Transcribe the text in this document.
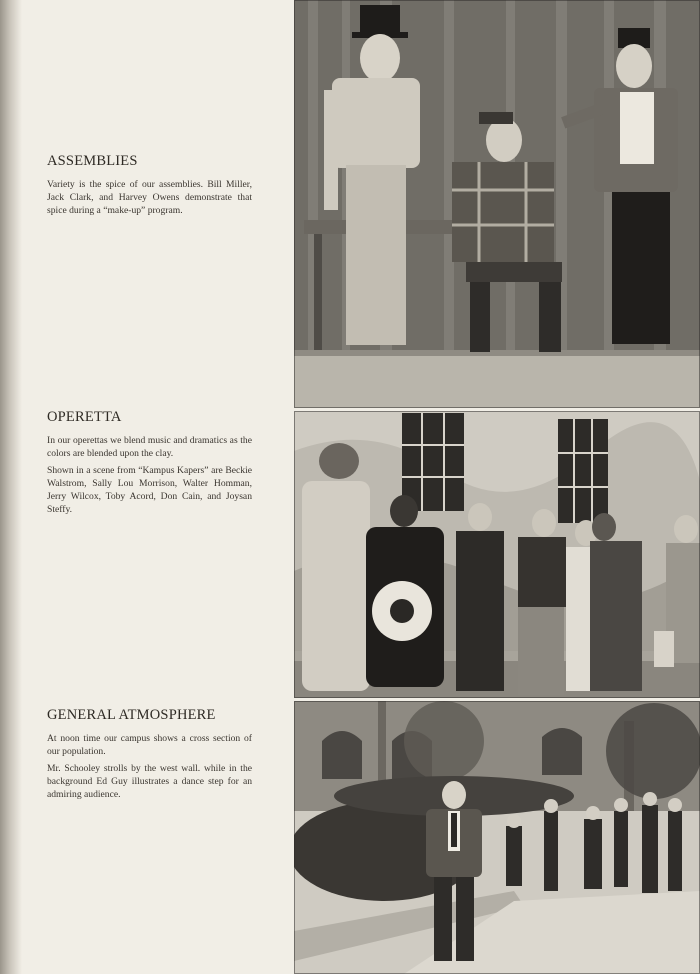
ASSEMBLIES

Variety is the spice of our assemblies. Bill Miller, Jack Clark, and Harvey Owens demonstrate that spice during a “make-up” program.

OPERETTA

In our operettas we blend music and dramatics as the colors are blended upon the clay.

Shown in a scene from “Kampus Kapers” are Beckie Walstrom, Sally Lou Morrison, Walter Homman, Jerry Wilcox, Toby Acord, Don Cain, and Joysan Steffy.

GENERAL ATMOSPHERE

At noon time our campus shows a cross section of our population.

Mr. Schooley strolls by the west wall. while in the background Ed Guy illustrates a dance step for an admiring audience.
